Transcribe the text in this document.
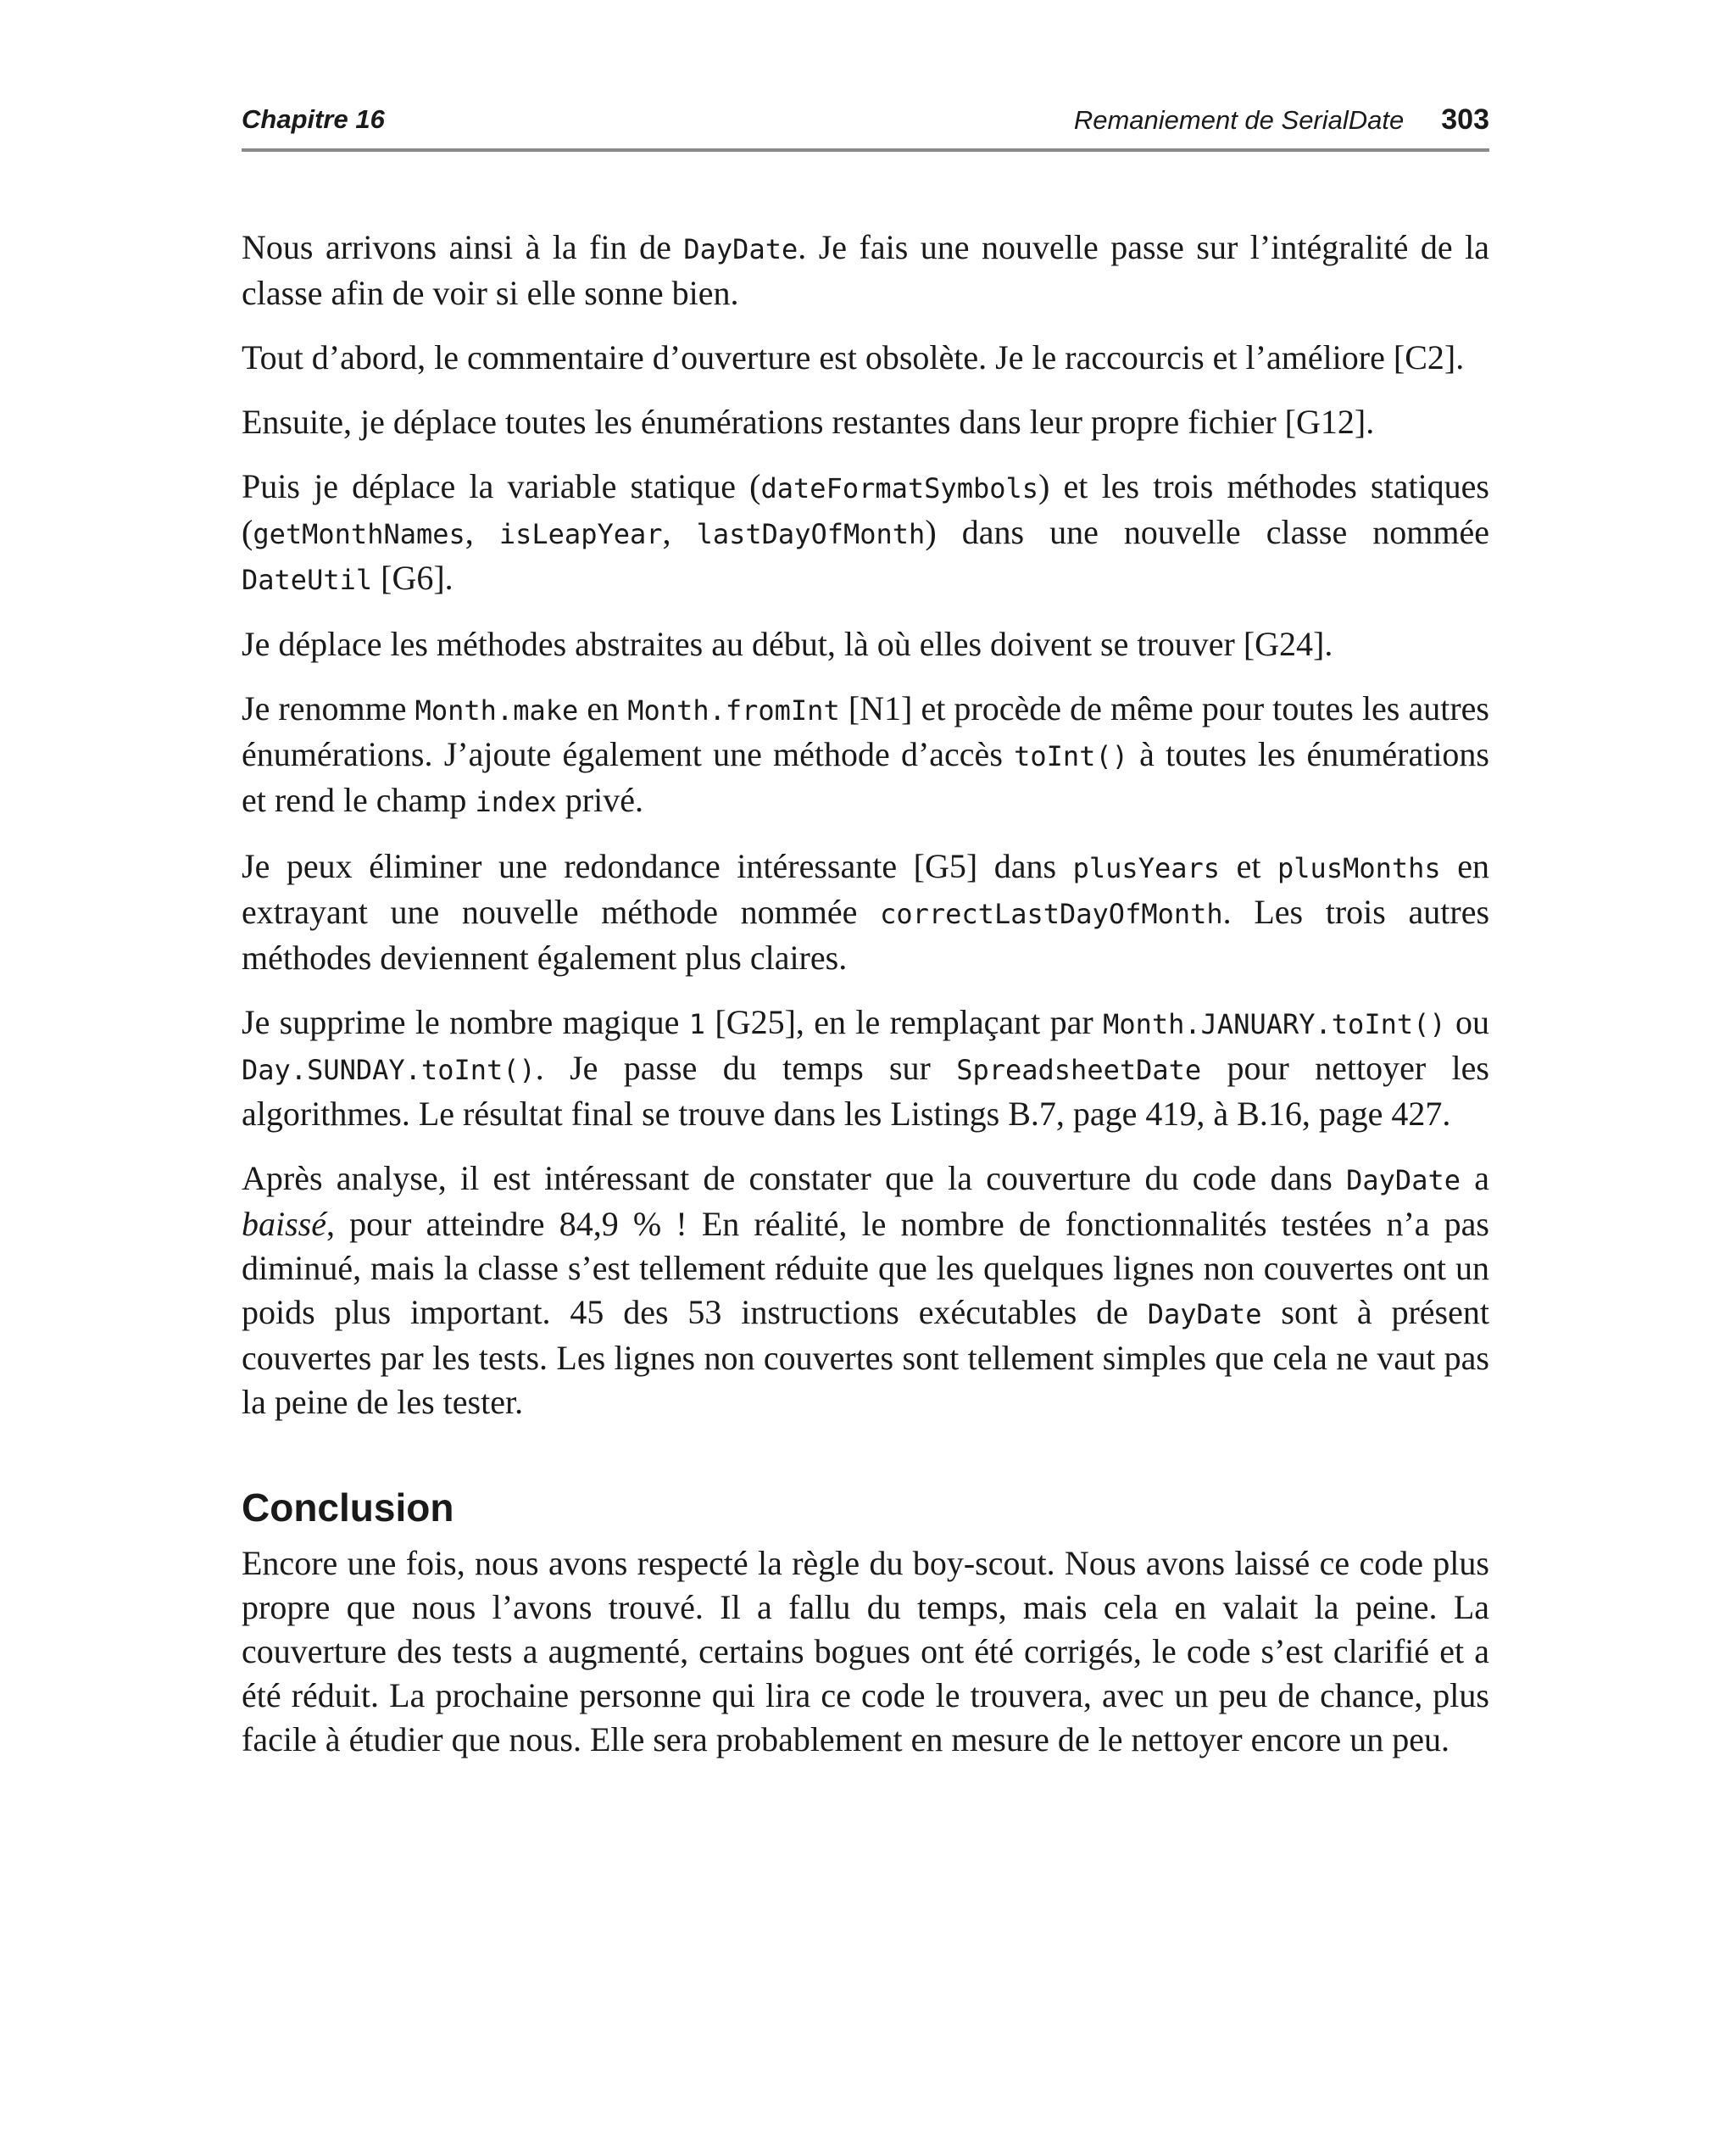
Chapitre 16	Remaniement de SerialDate 303

Nous arrivons ainsi à la fin de DayDate. Je fais une nouvelle passe sur l’intégralité de la classe afin de voir si elle sonne bien.

Tout d’abord, le commentaire d’ouverture est obsolète. Je le raccourcis et l’améliore [C2].

Ensuite, je déplace toutes les énumérations restantes dans leur propre fichier [G12].

Puis je déplace la variable statique (dateFormatSymbols) et les trois méthodes statiques (getMonthNames, isLeapYear, lastDayOfMonth) dans une nouvelle classe nommée DateUtil [G6].

Je déplace les méthodes abstraites au début, là où elles doivent se trouver [G24].

Je renomme Month.make en Month.fromInt [N1] et procède de même pour toutes les autres énumérations. J’ajoute également une méthode d’accès toInt() à toutes les énumérations et rend le champ index privé.

Je peux éliminer une redondance intéressante [G5] dans plusYears et plusMonths en extrayant une nouvelle méthode nommée correctLastDayOfMonth. Les trois autres méthodes deviennent également plus claires.

Je supprime le nombre magique 1 [G25], en le remplaçant par Month.JANUARY.toInt() ou Day.SUNDAY.toInt(). Je passe du temps sur SpreadsheetDate pour nettoyer les algorithmes. Le résultat final se trouve dans les Listings B.7, page 419, à B.16, page 427.

Après analyse, il est intéressant de constater que la couverture du code dans DayDate a baissé, pour atteindre 84,9 % ! En réalité, le nombre de fonctionnalités testées n’a pas diminué, mais la classe s’est tellement réduite que les quelques lignes non couvertes ont un poids plus important. 45 des 53 instructions exécutables de DayDate sont à présent couvertes par les tests. Les lignes non couvertes sont tellement simples que cela ne vaut pas la peine de les tester.

Conclusion

Encore une fois, nous avons respecté la règle du boy-scout. Nous avons laissé ce code plus propre que nous l’avons trouvé. Il a fallu du temps, mais cela en valait la peine. La couverture des tests a augmenté, certains bogues ont été corrigés, le code s’est clarifié et a été réduit. La prochaine personne qui lira ce code le trouvera, avec un peu de chance, plus facile à étudier que nous. Elle sera probablement en mesure de le nettoyer encore un peu.
